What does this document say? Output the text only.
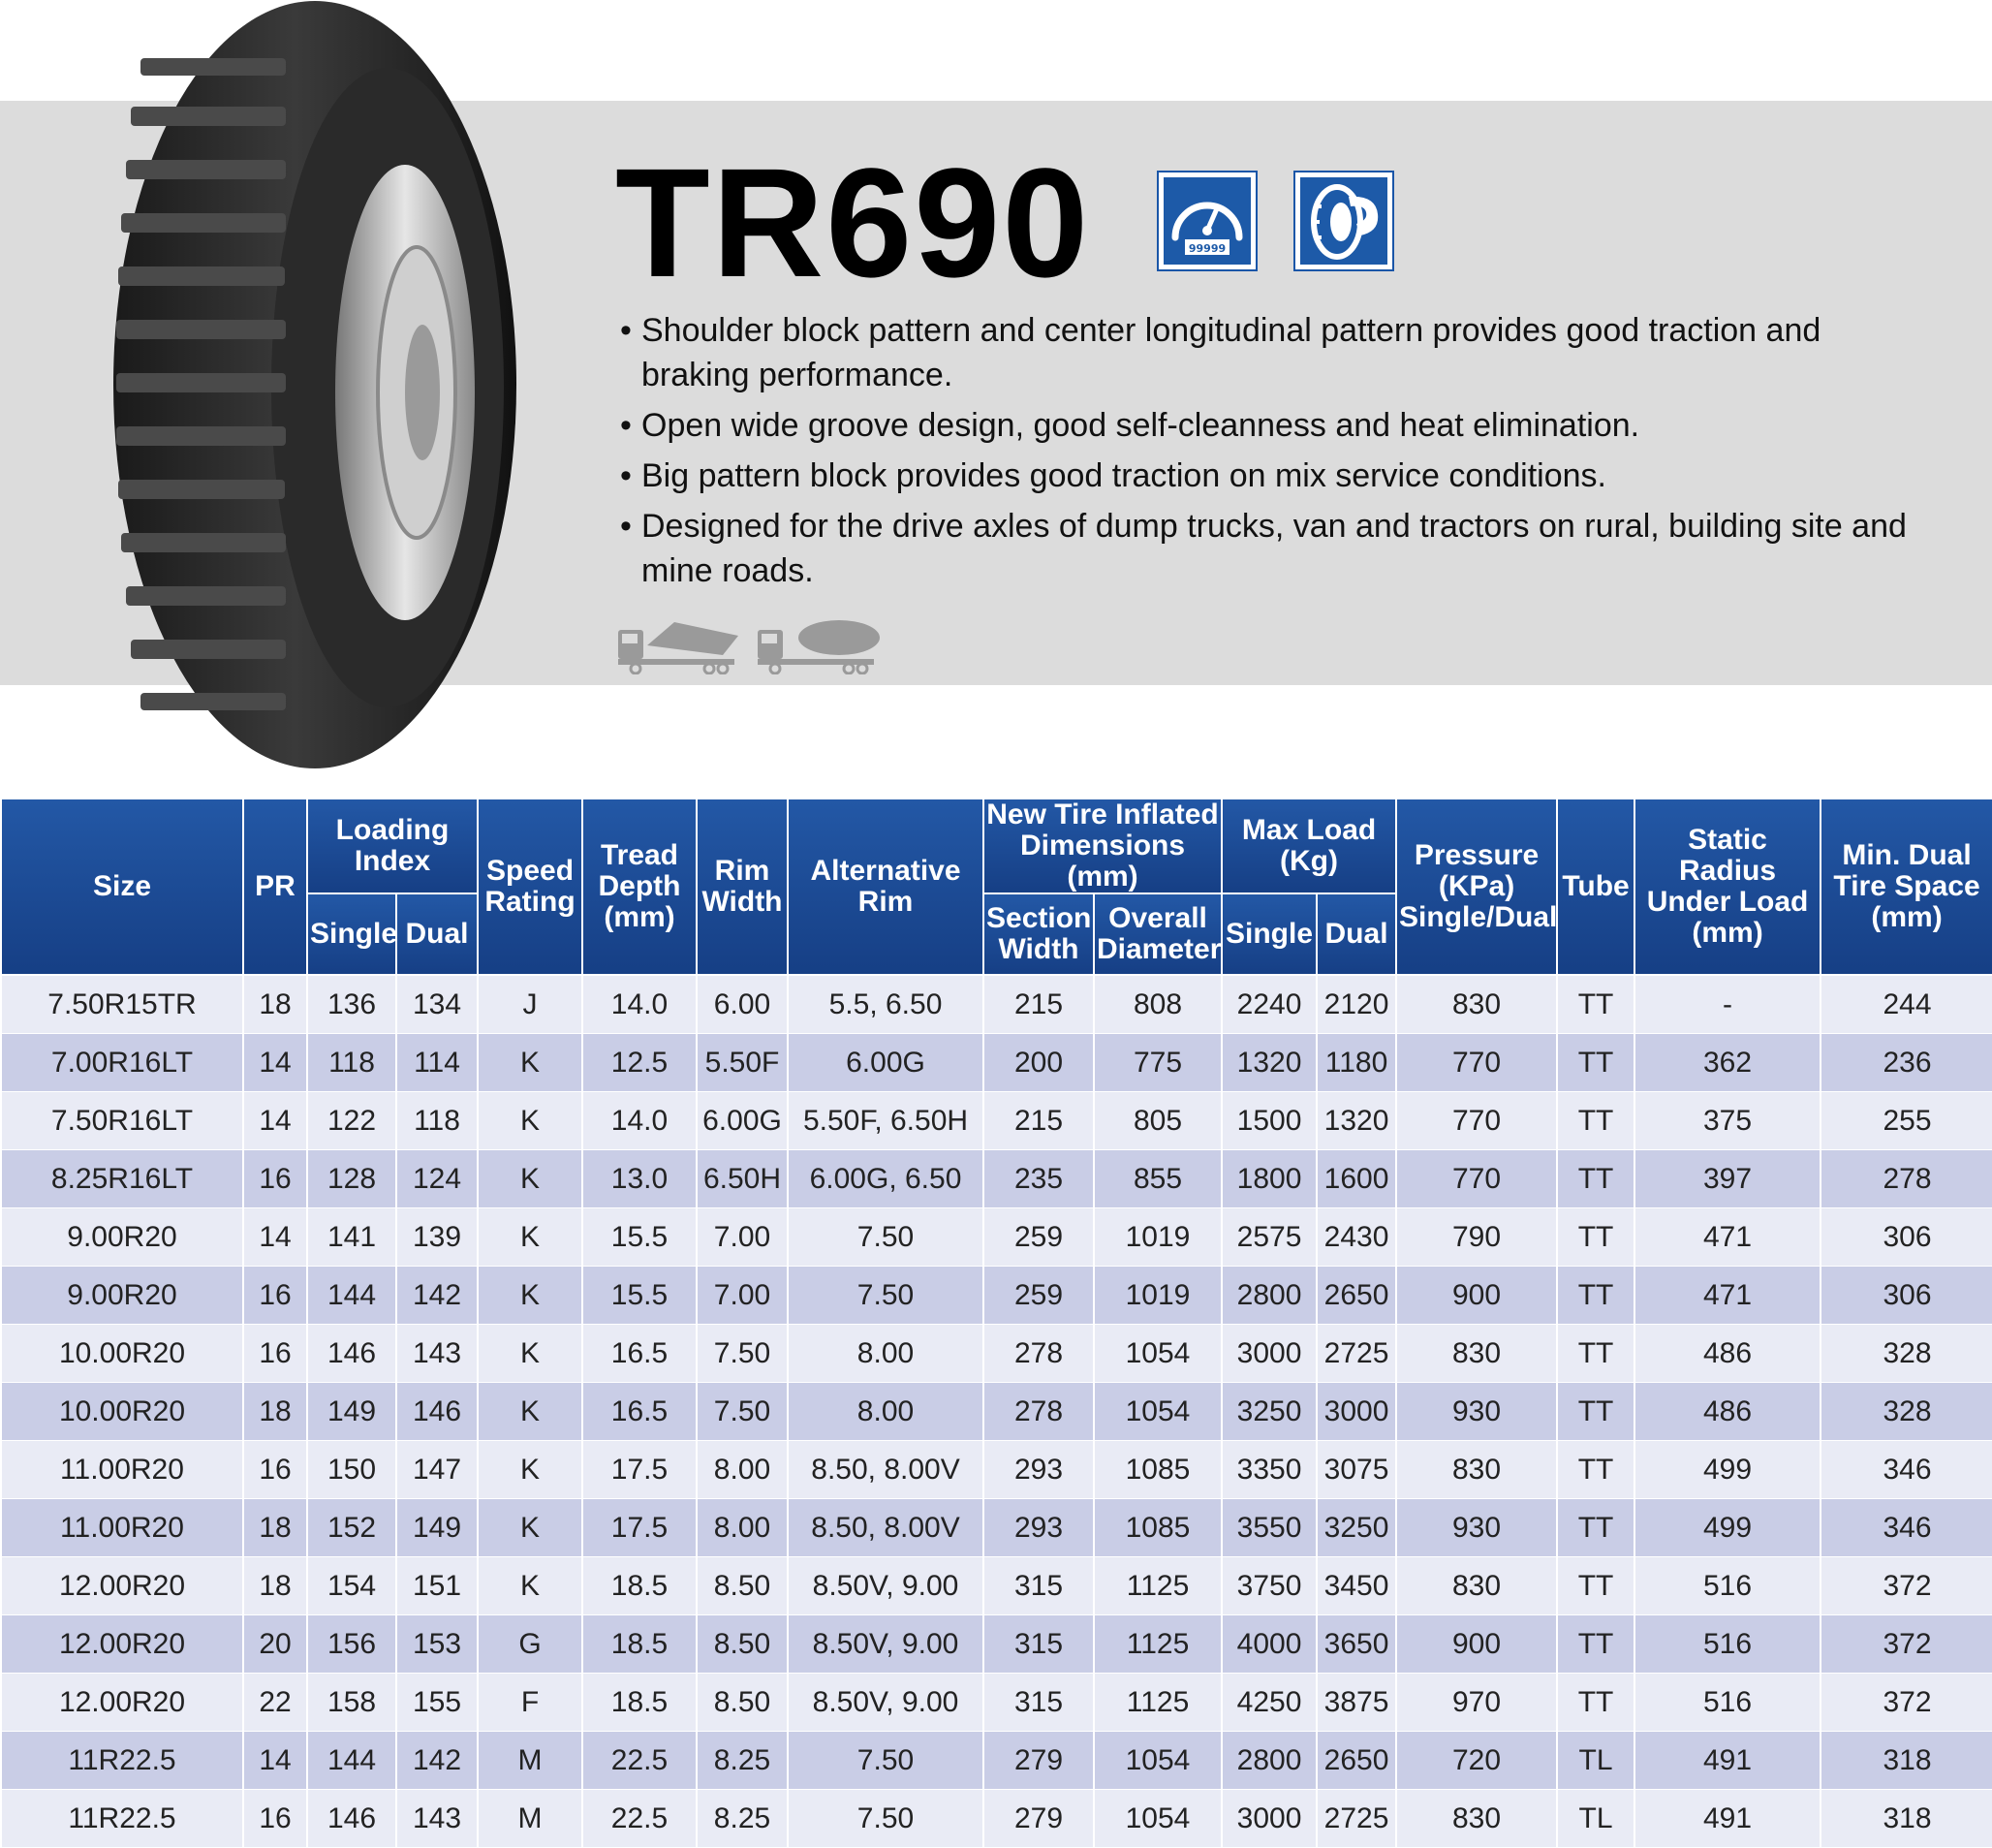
TR690	99999
• Shoulder block pattern and center longitudinal pattern provides good traction and braking performance.
• Open wide groove design, good self-cleanness and heat elimination.
• Big pattern block provides good traction on mix service conditions.
• Designed for the drive axles of dump trucks, van and tractors on rural, building site and mine roads.
Size	PR	Loading Index		Speed Rating	Tread Depth (mm)	Rim Width	Alternative Rim	New Tire Inflated Dimensions (mm)		Max Load (Kg)		Pressure (KPa) Single/Dual	Tube	Static Radius Under Load (mm)	Min. Dual Tire Space (mm)
		Single	Dual					Section Width	Overall Diameter	Single	Dual				
7.50R15TR	18	136	134	J	14.0	6.00	5.5, 6.50	215	808	2240	2120	830	TT	-	244
7.00R16LT	14	118	114	K	12.5	5.50F	6.00G	200	775	1320	1180	770	TT	362	236
7.50R16LT	14	122	118	K	14.0	6.00G	5.50F, 6.50H	215	805	1500	1320	770	TT	375	255
8.25R16LT	16	128	124	K	13.0	6.50H	6.00G, 6.50	235	855	1800	1600	770	TT	397	278
9.00R20	14	141	139	K	15.5	7.00	7.50	259	1019	2575	2430	790	TT	471	306
9.00R20	16	144	142	K	15.5	7.00	7.50	259	1019	2800	2650	900	TT	471	306
10.00R20	16	146	143	K	16.5	7.50	8.00	278	1054	3000	2725	830	TT	486	328
10.00R20	18	149	146	K	16.5	7.50	8.00	278	1054	3250	3000	930	TT	486	328
11.00R20	16	150	147	K	17.5	8.00	8.50, 8.00V	293	1085	3350	3075	830	TT	499	346
11.00R20	18	152	149	K	17.5	8.00	8.50, 8.00V	293	1085	3550	3250	930	TT	499	346
12.00R20	18	154	151	K	18.5	8.50	8.50V, 9.00	315	1125	3750	3450	830	TT	516	372
12.00R20	20	156	153	G	18.5	8.50	8.50V, 9.00	315	1125	4000	3650	900	TT	516	372
12.00R20	22	158	155	F	18.5	8.50	8.50V, 9.00	315	1125	4250	3875	970	TT	516	372
11R22.5	14	144	142	M	22.5	8.25	7.50	279	1054	2800	2650	720	TL	491	318
11R22.5	16	146	143	M	22.5	8.25	7.50	279	1054	3000	2725	830	TL	491	318
